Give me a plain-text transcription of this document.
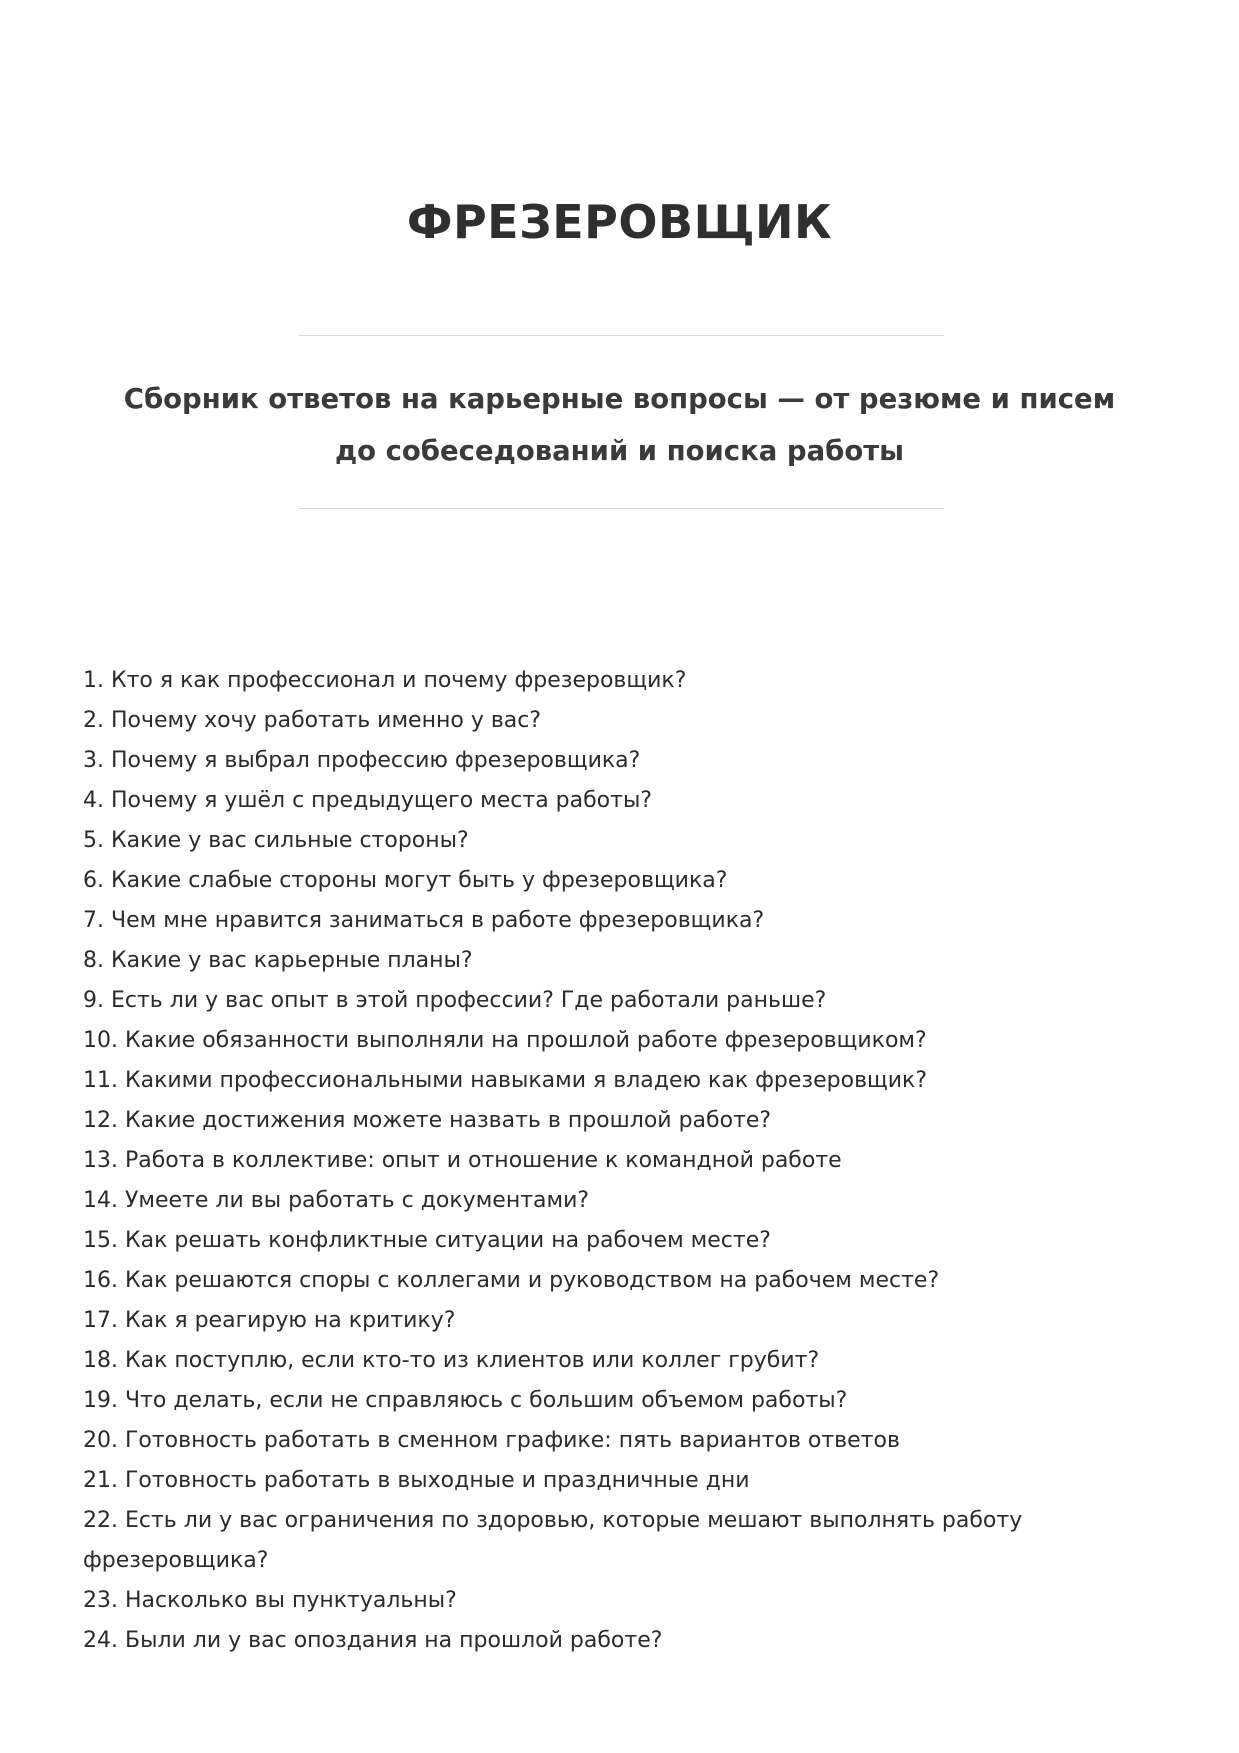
ФРЕЗЕРОВЩИК
Сборник ответов на карьерные вопросы — от резюме и писем до собеседований и поиска работы
1. Кто я как профессионал и почему фрезеровщик?
2. Почему хочу работать именно у вас?
3. Почему я выбрал профессию фрезеровщика?
4. Почему я ушёл с предыдущего места работы?
5. Какие у вас сильные стороны?
6. Какие слабые стороны могут быть у фрезеровщика?
7. Чем мне нравится заниматься в работе фрезеровщика?
8. Какие у вас карьерные планы?
9. Есть ли у вас опыт в этой профессии? Где работали раньше?
10. Какие обязанности выполняли на прошлой работе фрезеровщиком?
11. Какими профессиональными навыками я владею как фрезеровщик?
12. Какие достижения можете назвать в прошлой работе?
13. Работа в коллективе: опыт и отношение к командной работе
14. Умеете ли вы работать с документами?
15. Как решать конфликтные ситуации на рабочем месте?
16. Как решаются споры с коллегами и руководством на рабочем месте?
17. Как я реагирую на критику?
18. Как поступлю, если кто-то из клиентов или коллег грубит?
19. Что делать, если не справляюсь с большим объемом работы?
20. Готовность работать в сменном графике: пять вариантов ответов
21. Готовность работать в выходные и праздничные дни
22. Есть ли у вас ограничения по здоровью, которые мешают выполнять работу фрезеровщика?
23. Насколько вы пунктуальны?
24. Были ли у вас опоздания на прошлой работе?
